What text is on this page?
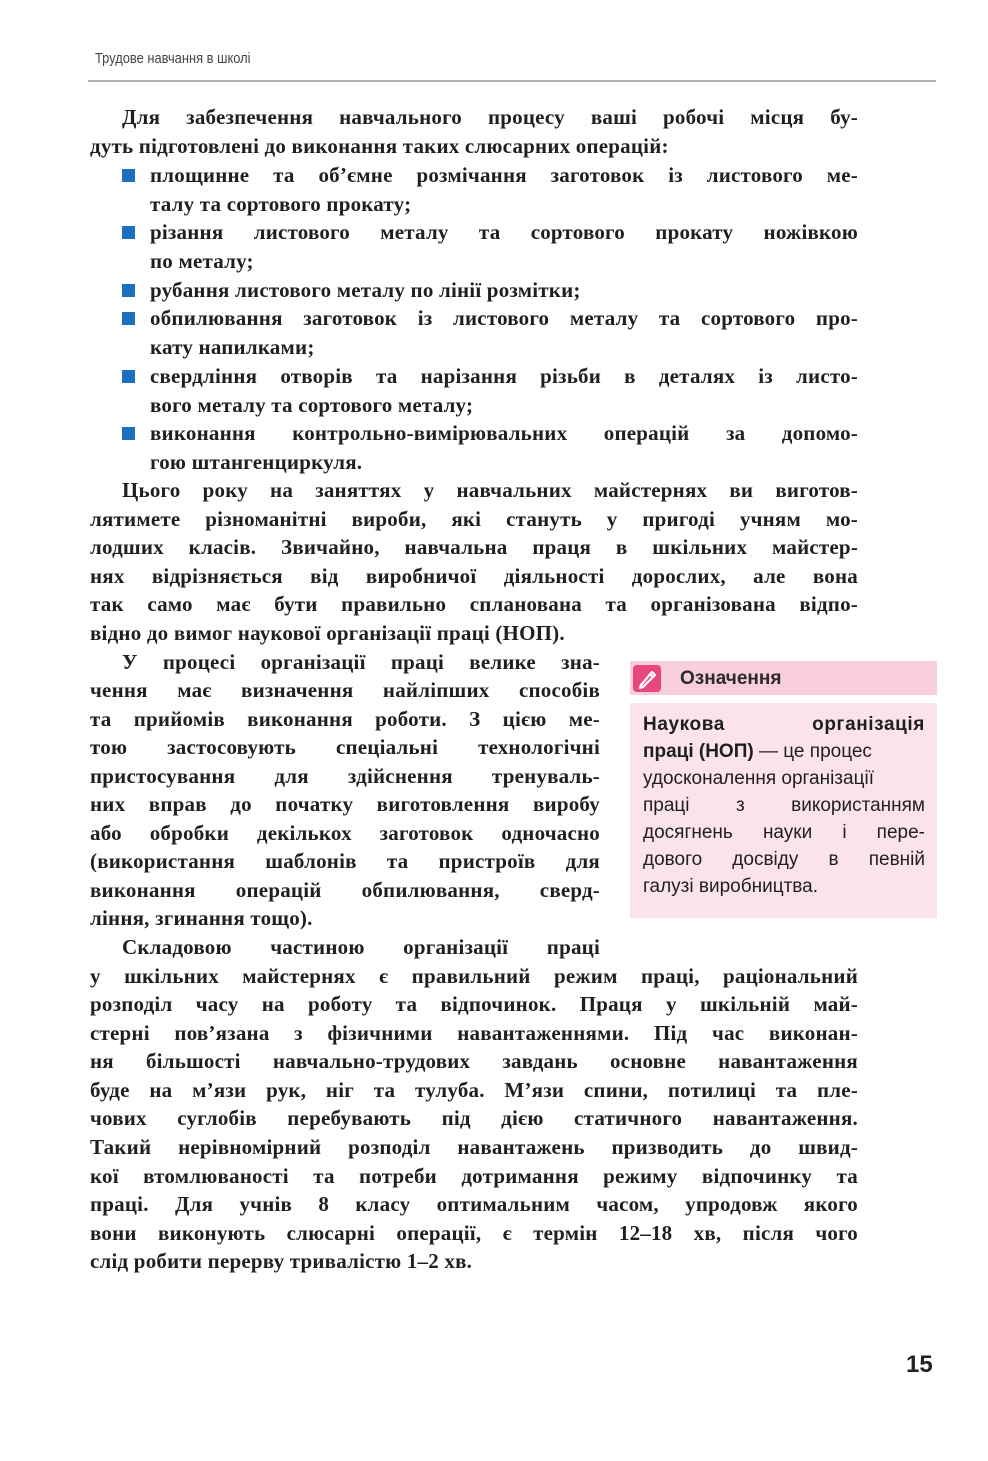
Трудове навчання в школі
Для забезпечення навчального процесу ваші робочі місця бу-
дуть підготовлені до виконання таких слюсарних операцій:
площинне та об’ємне розмічання заготовок із листового ме-
талу та сортового прокату;
різання листового металу та сортового прокату ножівкою
по металу;
рубання листового металу по лінії розмітки;
обпилювання заготовок із листового металу та сортового про-
кату напилками;
свердління отворів та нарізання різьби в деталях із листо-
вого металу та сортового металу;
виконання контрольно-вимірювальних операцій за допомо-
гою штангенциркуля.
Цього року на заняттях у навчальних майстернях ви виготов-
лятимете різноманітні вироби, які стануть у пригоді учням мо-
лодших класів. Звичайно, навчальна праця в шкільних майстер-
нях відрізняється від виробничої діяльності дорослих, але вона
так само має бути правильно спланована та організована відпо-
відно до вимог наукової організації праці (НОП).
У процесі організації праці велике зна-
чення має визначення найліпших способів
та прийомів виконання роботи. З цією ме-
тою застосовують спеціальні технологічні
пристосування для здійснення тренуваль-
них вправ до початку виготовлення виробу
або обробки декількох заготовок одночасно
(використання шаблонів та пристроїв для
виконання операцій обпилювання, сверд-
ління, згинання тощо).
Складовою частиною організації праці
у шкільних майстернях є правильний режим праці, раціональний
розподіл часу на роботу та відпочинок. Праця у шкільній май-
стерні пов’язана з фізичними навантаженнями. Під час виконан-
ня більшості навчально-трудових завдань основне навантаження
буде на м’язи рук, ніг та тулуба. М’язи спини, потилиці та пле-
чових суглобів перебувають під дією статичного навантаження.
Такий нерівномірний розподіл навантажень призводить до швид-
кої втомлюваності та потреби дотримання режиму відпочинку та
праці. Для учнів 8 класу оптимальним часом, упродовж якого
вони виконують слюсарні операції, є термін 12–18 хв, після чого
слід робити перерву тривалістю 1–2 хв.
Означення
Наукова організація
праці (НОП) — це процес
удосконалення організації
праці з використанням
досягнень науки і пере-
дового досвіду в певній
галузі виробництва.
15
